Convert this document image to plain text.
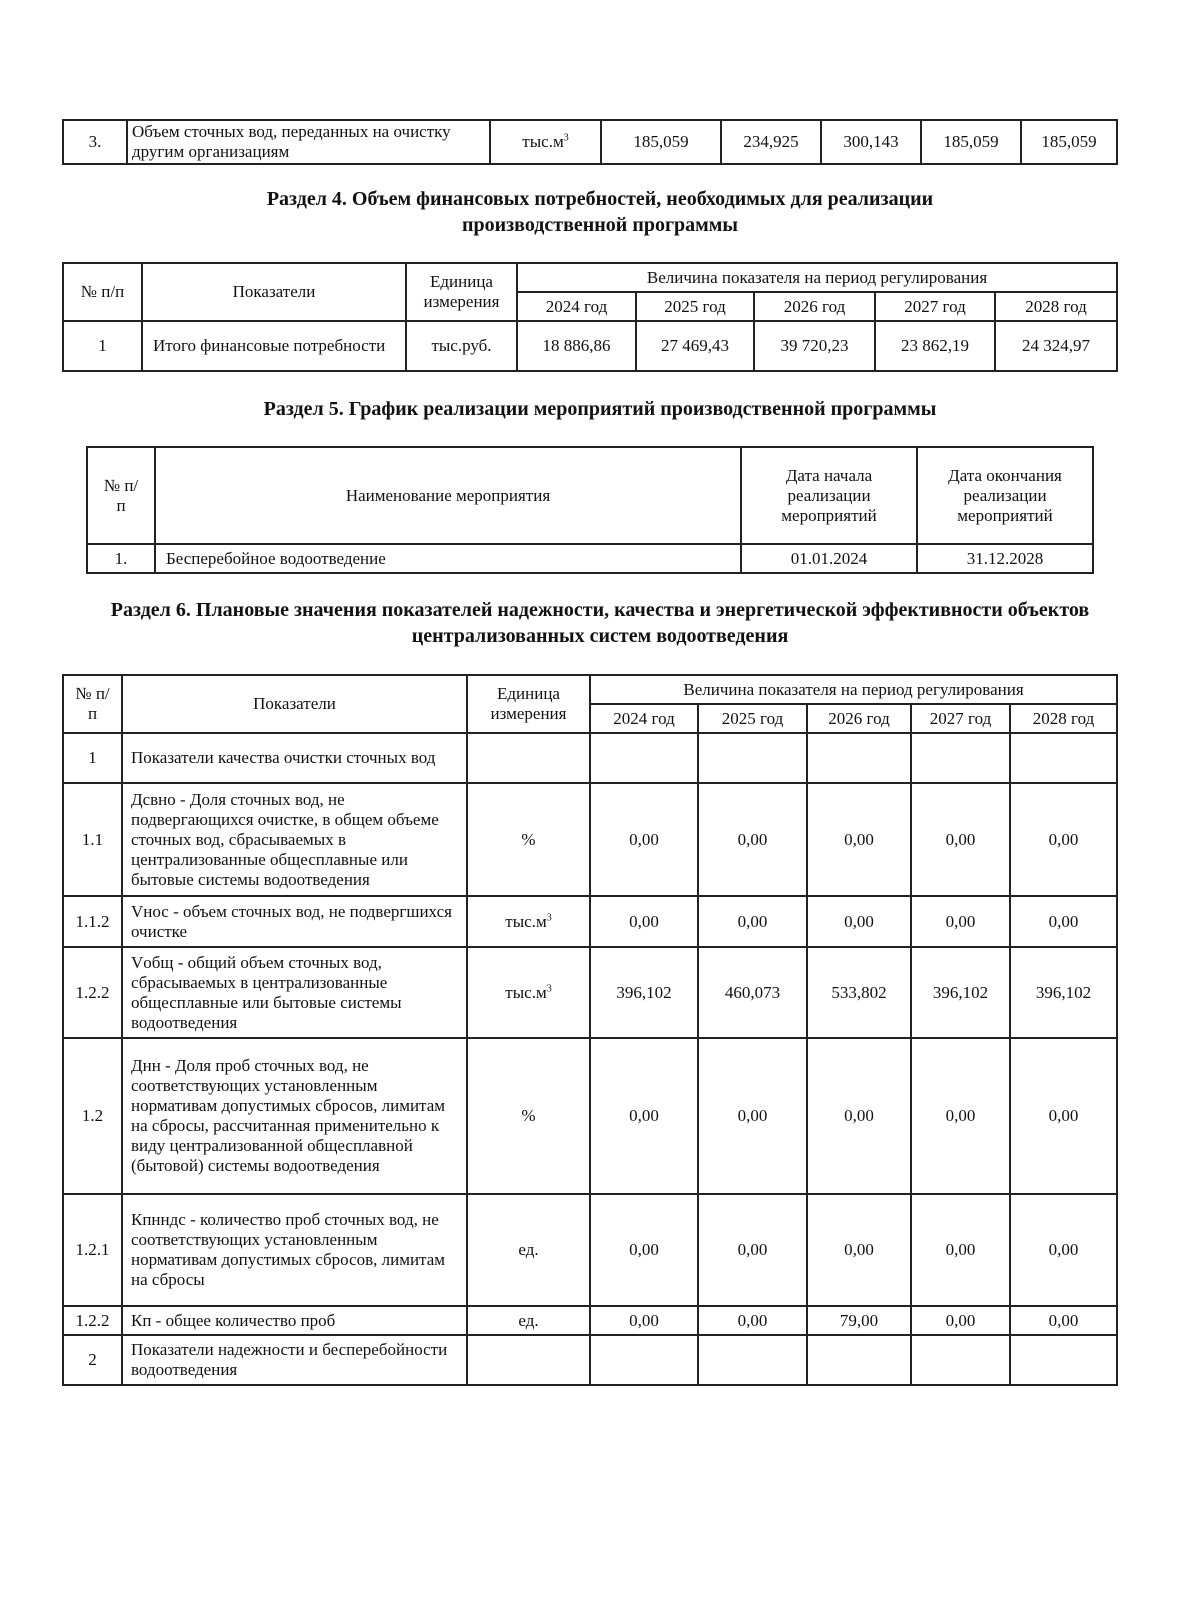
3.	Объем сточных вод, переданных на очистку другим организациям	$тыс.м^3$	185,059	234,925	300,143	185,059	185,059
Раздел 4. Объем финансовых потребностей, необходимых для реализации производственной программы
№ п/п	Показатели	Единица измерения	Величина показателя на период регулирования				
			2024 год	2025 год	2026 год	2027 год	2028 год
1	Итого финансовые потребности	тыс.руб.	18 886,86	27 469,43	39 720,23	23 862,19	24 324,97
Раздел 5. График реализации мероприятий производственной программы
№ п/п	Наименование мероприятия	Дата начала реализации мероприятий	Дата окончания реализации мероприятий
1.	Бесперебойное водоотведение	01.01.2024	31.12.2028
Раздел 6. Плановые значения показателей надежности, качества и энергетической эффективности объектов централизованных систем водоотведения
№ п/п	Показатели	Единица измерения	Величина показателя на период регулирования				
			2024 год	2025 год	2026 год	2027 год	2028 год
1	Показатели качества очистки сточных вод						
1.1	Дсвно - Доля сточных вод, не подвергающихся очистке, в общем объеме сточных вод, сбрасываемых в централизованные общесплавные или бытовые системы водоотведения	%	0,00	0,00	0,00	0,00	0,00
1.1.2	Vнос - объем сточных вод, не подвергшихся очистке	$тыс.м^3$	0,00	0,00	0,00	0,00	0,00
1.2.2	Vобщ - общий объем сточных вод, сбрасываемых в централизованные общесплавные или бытовые системы водоотведения	$тыс.м^3$	396,102	460,073	533,802	396,102	396,102
1.2	Днн - Доля проб сточных вод, не соответствующих установленным нормативам допустимых сбросов, лимитам на сбросы, рассчитанная применительно к виду централизованной общесплавной (бытовой) системы водоотведения	%	0,00	0,00	0,00	0,00	0,00
1.2.1	Кпнндс - количество проб сточных вод, не соответствующих установленным нормативам допустимых сбросов, лимитам на сбросы	ед.	0,00	0,00	0,00	0,00	0,00
1.2.2	Кп - общее количество проб	ед.	0,00	0,00	79,00	0,00	0,00
2	Показатели надежности и бесперебойности водоотведения						
